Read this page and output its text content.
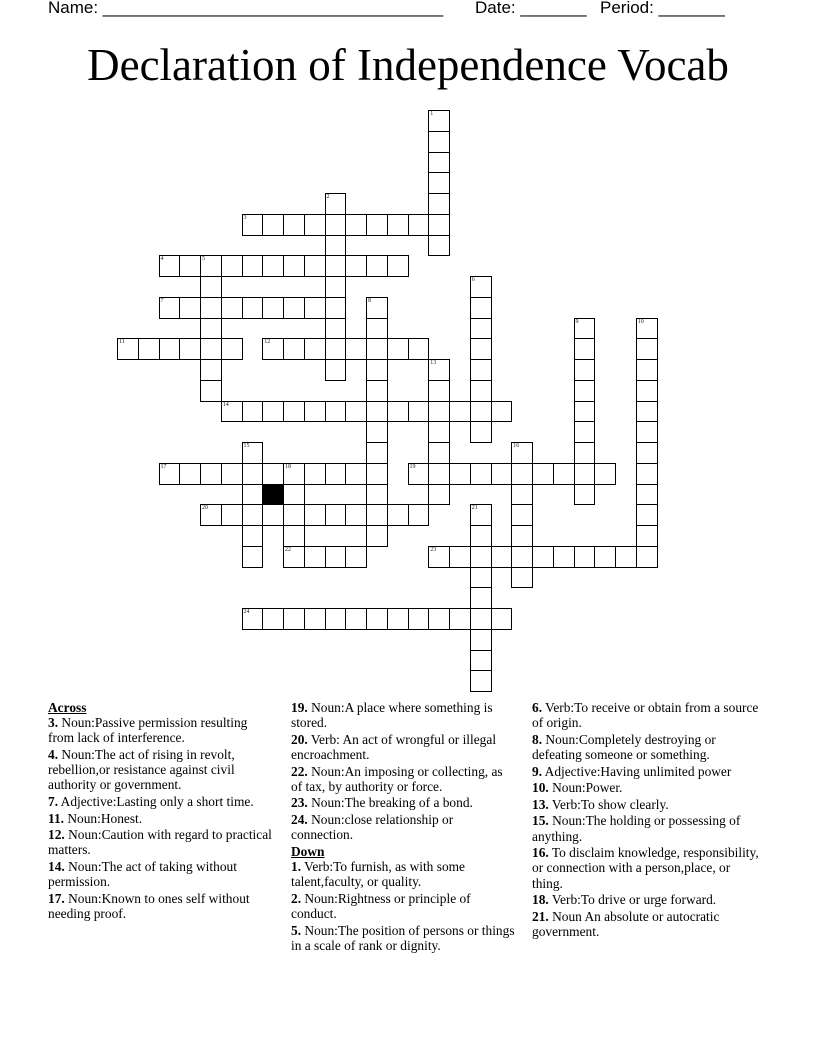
Name: ____________________________________

Date: _______

Period: _______

Declaration of Independence Vocab
1
2
3
4	5
6
7	8
9	10
11	12
13
14
15	16
17	18
22
19
20	21
23
24

Across

3. Noun:Passive permission resulting from lack of interference.

4. Noun:The act of rising in revolt, rebellion,or resistance against civil authority or government.

7. Adjective:Lasting only a short time.

11. Noun:Honest.

12. Noun:Caution with regard to practical matters.

14. Noun:The act of taking without permission.

17. Noun:Known to ones self without needing proof.

19. Noun:A place where something is stored.

20. Verb: An act of wrongful or illegal encroachment.

22. Noun:An imposing or collecting, as of tax, by authority or force.

23. Noun:The breaking of a bond.

24. Noun:close relationship or connection.

Down

1. Verb:To furnish, as with some talent,faculty, or quality.

2. Noun:Rightness or principle of conduct.

5. Noun:The position of persons or things in a scale of rank or dignity.

6. Verb:To receive or obtain from a source of origin.

8. Noun:Completely destroying or defeating someone or something.

9. Adjective:Having unlimited power

10. Noun:Power.

13. Verb:To show clearly.

15. Noun:The holding or possessing of anything.

16. To disclaim knowledge, responsibility, or connection with a person,place, or thing.

18. Verb:To drive or urge forward.

21. Noun An absolute or autocratic government.
